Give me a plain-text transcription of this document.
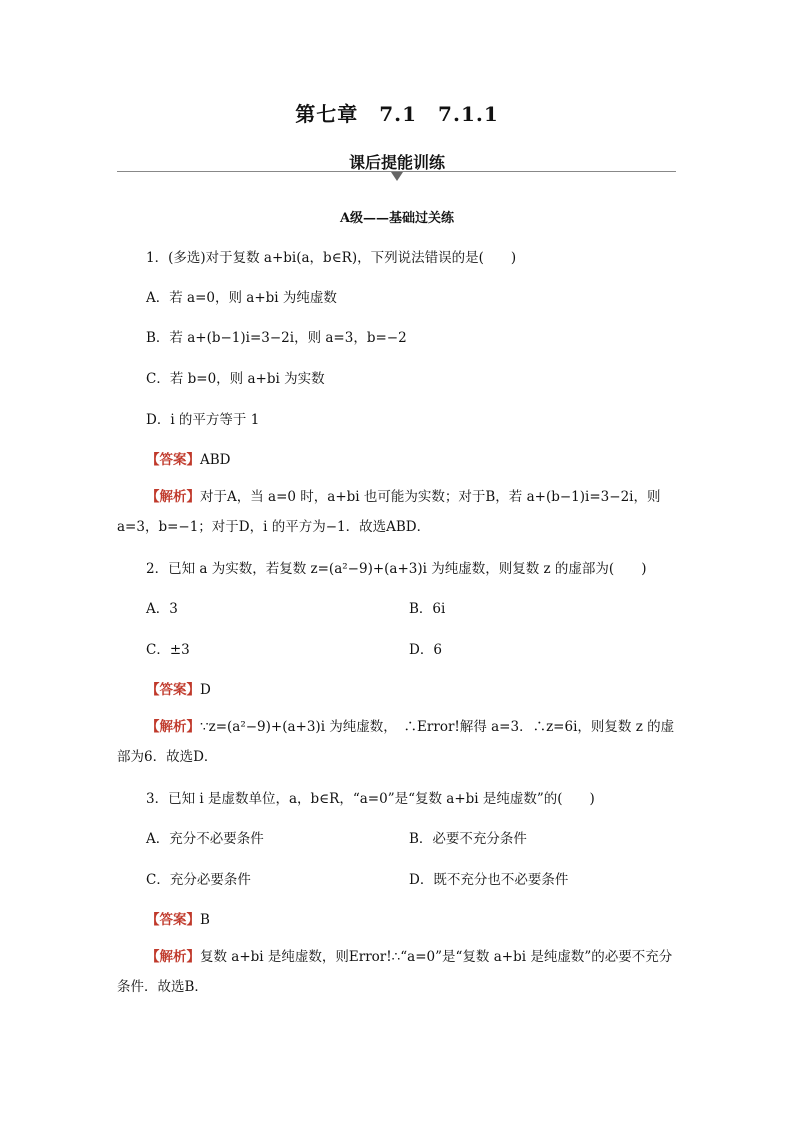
第七章　7.1　7.1.1
课后提能训练
A级——基础过关练
1．(多选)对于复数 a+bi(a，b∈R)，下列说法错误的是(　　)
A．若 a=0，则 a+bi 为纯虚数
B．若 a+(b−1)i=3−2i，则 a=3，b=−2
C．若 b=0，则 a+bi 为实数
D．i 的平方等于 1
【答案】ABD
【解析】对于A，当 a=0 时，a+bi 也可能为实数；对于B，若 a+(b−1)i=3−2i，则 a=3，b=−1；对于D，i 的平方为−1．故选ABD．
2．已知 a 为实数，若复数 z=(a²−9)+(a+3)i 为纯虚数，则复数 z 的虚部为(　　)
A．3	B．6i
C．±3	D．6
【答案】D
【解析】∵z=(a²−9)+(a+3)i 为纯虚数，　∴Error!解得 a=3．∴z=6i，则复数 z 的虚部为6．故选D．
3．已知 i 是虚数单位，a，b∈R，“a=0”是“复数 a+bi 是纯虚数”的(　　)
A．充分不必要条件	B．必要不充分条件
C．充分必要条件	D．既不充分也不必要条件
【答案】B
【解析】复数 a+bi 是纯虚数，则Error!∴“a=0”是“复数 a+bi 是纯虚数”的必要不充分条件．故选B．
